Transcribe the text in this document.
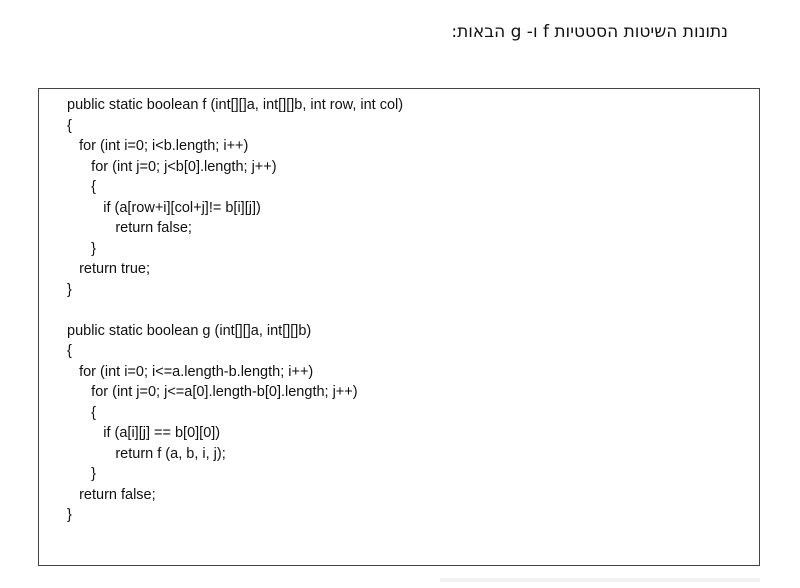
נתונות השיטות הסטטיות f ו- g הבאות:
public static boolean f (int[][]a, int[][]b, int row, int col)
{
for (int i=0; i<b.length; i++)
for (int j=0; j<b[0].length; j++)
{
if (a[row+i][col+j]!= b[i][j])
return false;
}
return true;
}
public static boolean g (int[][]a, int[][]b)
{
for (int i=0; i<=a.length-b.length; i++)
for (int j=0; j<=a[0].length-b[0].length; j++)
{
if (a[i][j] == b[0][0])
return f (a, b, i, j);
}
return false;
}
